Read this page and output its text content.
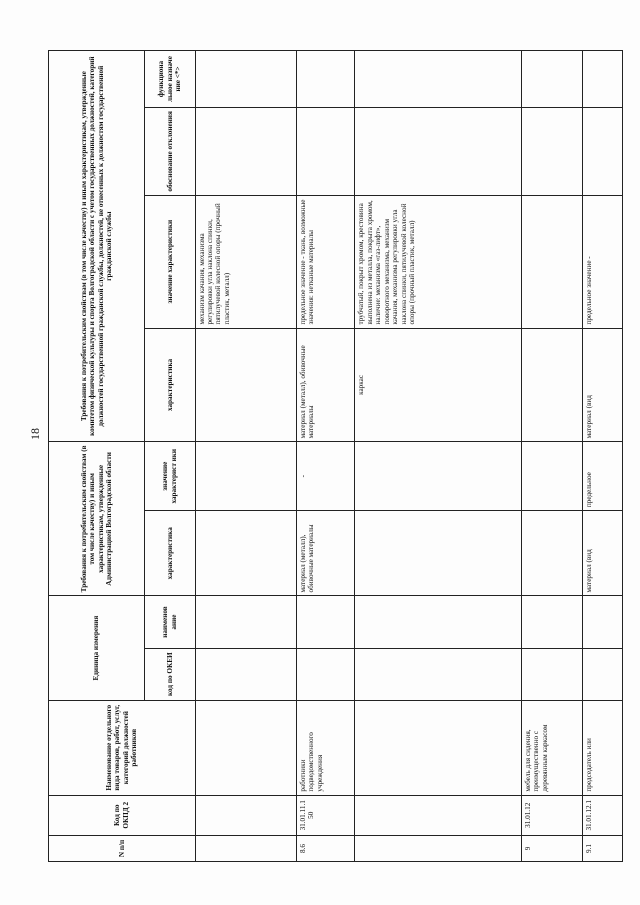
18
N п/п	Код по ОКПД 2	Наименование отдельного вида товаров, работ, услуг, категорий должностей работников	Единица измерения		Требования к потребительским свойствам (в том числе качеству) и иным характеристикам, утвержденные Администрацией Волгоградской области		Требования к потребительским свойствам (в том числе качеству) и иным характеристикам, утвержденные комитетом физической культуры и спорта Волгоградской области с учетом государственных должностей, категорий должностей государственной гражданской службы, должностей, не отнесенных к должностям государственной гражданской службы			
			код по ОКЕИ	наименов ание	характеристика	значение характерист ики	характеристика	значение характеристики	обоснование отклонения	функциона льное назначе ние <*>
								механизм качания, механизма регулировки угла наклона спинки, пятилучевой колесной опоры (прочный пластик, металл)		
8.6	31.01.11.150	работники подведомственного учреждения			материал (металл), обивочные материалы	-	материал (металл), обивочные материалы	предельное значение - ткань, возможные значения: нетканые материалы		
							каркас	трубчатый, покрыт хромом, крестовина выполнена из металла, покрыта хромом, наличие: механизма «газ-лифт», поворотного механизма, механизм качания, механизма регулировки угла наклона спинки, пятилучевой колесной опоры (прочный пластик, металл)		
9	31.01.12	мебель для сидения, преимущественно с деревянным каркасом								
9.1	31.01.12.1	председатель или			материал (вид	предельное	материал (вид	предельное значение -		
